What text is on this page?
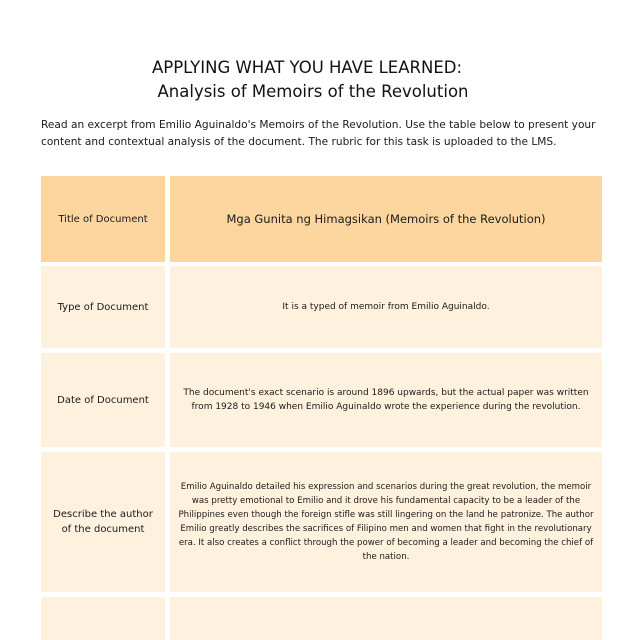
APPLYING WHAT YOU HAVE LEARNED:
Analysis of Memoirs of the Revolution
Read an excerpt from Emilio Aguinaldo's Memoirs of the Revolution. Use the table below to present your content and contextual analysis of the document. The rubric for this task is uploaded to the LMS.
Title of Document	Mga Gunita ng Himagsikan (Memoirs of the Revolution)
Type of Document	It is a typed of memoir from Emilio Aguinaldo.
Date of Document
The document's exact scenario is around 1896 upwards, but the actual paper was written from 1928 to 1946 when Emilio Aguinaldo wrote the experience during the revolution.
Describe the author of the document
Emilio Aguinaldo detailed his expression and scenarios during the great revolution, the memoir was pretty emotional to Emilio and it drove his fundamental capacity to be a leader of the Philippines even though the foreign stifle was still lingering on the land he patronize. The author Emilio greatly describes the sacrifices of Filipino men and women that fight in the revolutionary era. It also creates a conflict through the power of becoming a leader and becoming the chief of the nation.
